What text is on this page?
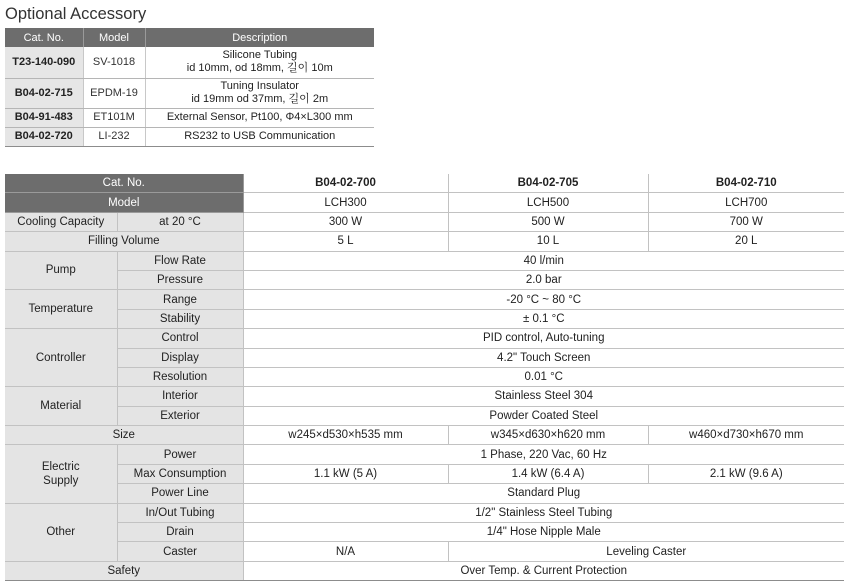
Optional Accessory
Cat. No.	Model	Description
T23-140-090	SV-1018	Silicone Tubing
id 10mm, od 18mm, 길이 10m

B04-02-715	EPDM-19	Tuning Insulator
id 19mm od 37mm, 길이 2m

B04-91-483	ET101M	External Sensor, Pt100, Φ4×L300 mm
B04-02-720	LI-232	RS232 to USB Communication
Cat. No.		B04-02-700	B04-02-705	B04-02-710
Model		LCH300	LCH500	LCH700
Cooling Capacity	at 20 °C	300 W	500 W	700 W
Filling Volume		5 L	10 L	20 L
Pump	Flow Rate	40 l/min		
	Pressure	2.0 bar		
Temperature	Range	-20 °C ~ 80 °C		
	Stability	± 0.1 °C		
Controller	Control	PID control, Auto-tuning		
	Display	4.2" Touch Screen		
	Resolution	0.01 °C		
Material	Interior	Stainless Steel 304		
	Exterior	Powder Coated Steel		
Size		w245×d530×h535 mm	w345×d630×h620 mm	w460×d730×h670 mm

Electric
Supply	Power	1 Phase, 220 Vac, 60 Hz		
	Max Consumption	1.1 kW (5 A)	1.4 kW (6.4 A)	2.1 kW (9.6 A)
	Power Line	Standard Plug		
Other	In/Out Tubing	1/2" Stainless Steel Tubing		
	Drain	1/4" Hose Nipple Male		
	Caster	N/A	Leveling Caster	
Safety		Over Temp. & Current Protection		
